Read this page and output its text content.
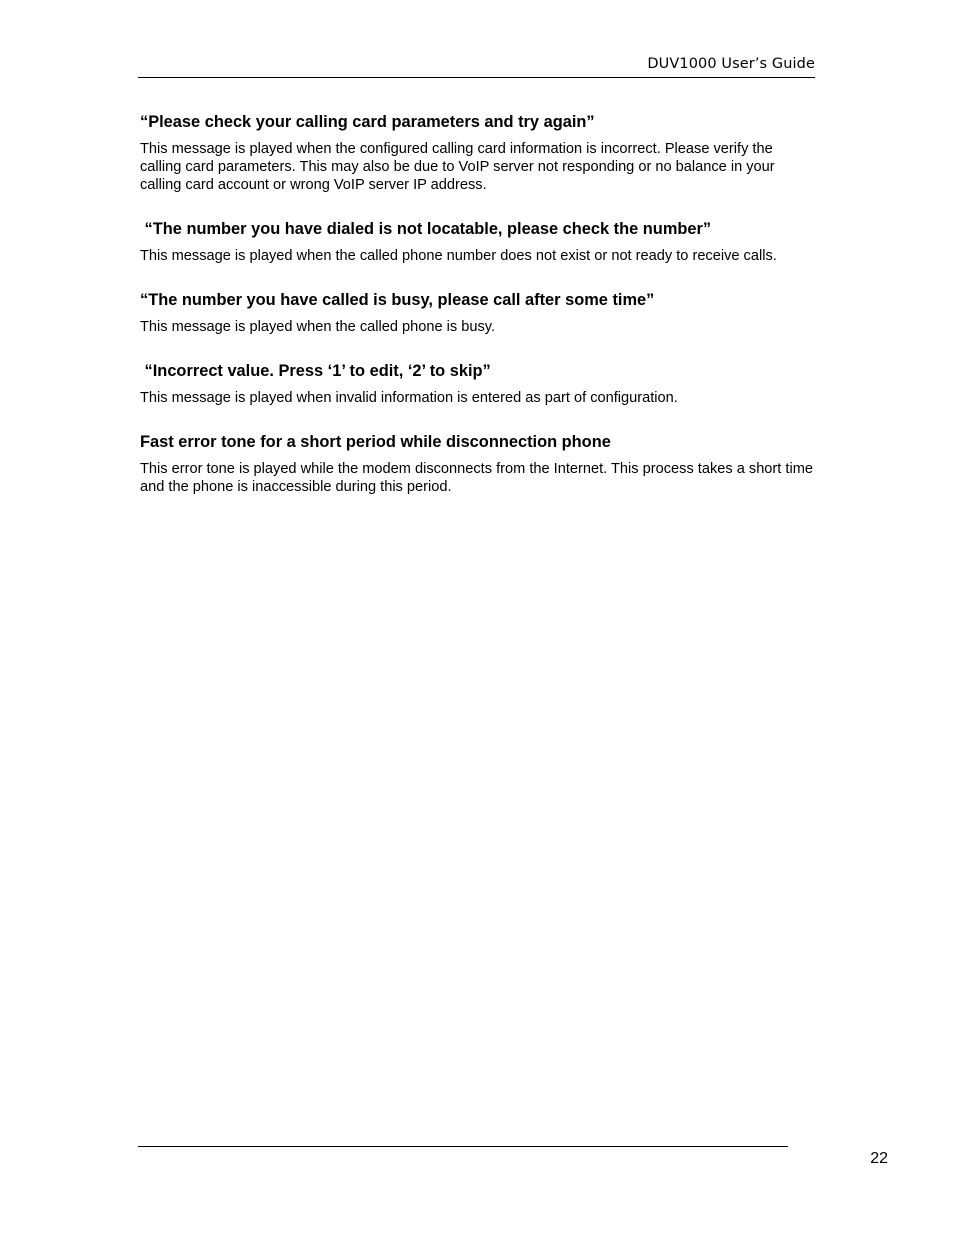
DUV1000 User’s Guide

“Please check your calling card parameters and try again”

This message is played when the configured calling card information is incorrect. Please verify the calling card parameters. This may also be due to VoIP server not responding or no balance in your calling card account or wrong VoIP server IP address.

“The number you have dialed is not locatable, please check the number”

This message is played when the called phone number does not exist or not ready to receive calls.

“The number you have called is busy, please call after some time”

This message is played when the called phone is busy.

“Incorrect value. Press ‘1’ to edit, ‘2’ to skip”

This message is played when invalid information is entered as part of configuration.

Fast error tone for a short period while disconnection phone

This error tone is played while the modem disconnects from the Internet. This process takes a short time and the phone is inaccessible during this period.

22
